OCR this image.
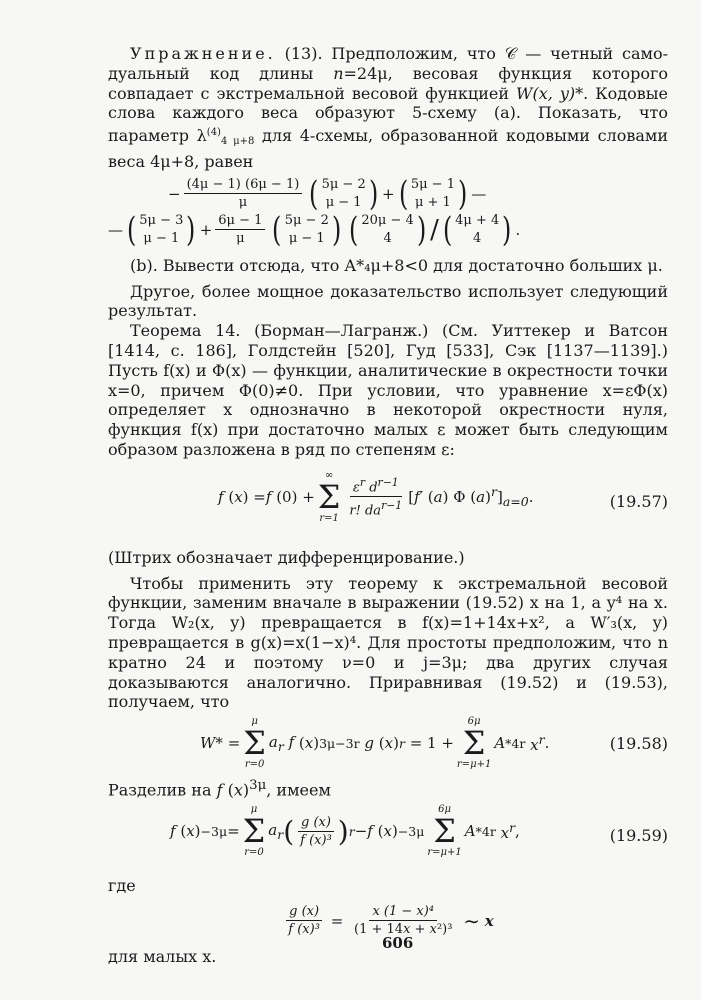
Упражнение. (13). Предположим, что 𝒞 — четный само-дуальный код длины n=24μ, весовая функция которого совпадает с экстремальной весовой функцией W(x, y)*. Кодовые слова каждого веса образуют 5-схему (a). Показать, что параметр $\lambda^{(4)}_{4 \mu+8}$ для 4-схемы, образованной кодовыми словами веса 4μ+8, равен

− $\frac{(4\mu - 1) (6\mu - 1)}{\mu}$ ( 5μ − 2
μ − 1 ) + ( 5μ − 1
μ + 1 ) —
— ( 5μ − 3
μ − 1 ) + $\frac{6\mu - 1}{\mu}$ ( 5μ − 2
μ − 1 ) ( 20μ − 4
4 ) / ( 4μ + 4
4 ) .

(b). Вывести отсюда, что A*₄μ+8<0 для достаточно больших μ.

Другое, более мощное доказательство использует следующий результат.

Теорема 14. (Борман—Лагранж.) (См. Уиттекер и Ватсон [1414, с. 186], Голдстейн [520], Гуд [533], Сэк [1137—1139].) Пусть f(x) и Φ(x) — функции, аналитические в окрестности точки x=0, причем Φ(0)≠0. При условии, что уравнение x=εΦ(x) определяет x однозначно в некоторой окрестности нуля, функция f(x) при достаточно малых ε может быть следующим образом разложена в ряд по степеням ε:

f ( x ) = f (0) +
∞
Σ
$r=1 \frac{\varepsilon^r d^{r-1}}{r! da^{r-1}} [f'$ (a) Φ $(a)^r]_{a=0}$.	(19.57)

(Штрих обозначает дифференцирование.)

Чтобы применить эту теорему к экстремальной весовой функции, заменим вначале в выражении (19.52) x на 1, а y⁴ на x. Тогда W₂(x, y) превращается в f(x)=1+14x+x², а W′₃(x, y) превращается в g(x)=x(1−x)⁴. Для простоты предположим, что n кратно 24 и поэтому ν=0 и j=3μ; два других случая доказываются аналогично. Приравнивая (19.52) и (19.53), получаем, что

W * =
μ
Σ
r=0
$a_r$ f ( x ) 3μ−3r
g ( x ) r = 1 +
6μ
Σ
r=μ+1
A * 4r
$x^r$ .	(19.58)

Разделив на f $(x)^{3\mu}$, имеем

f ( x ) −3μ =
μ
Σ
r=0
$a_r$ ( $\frac{g (x)}{\text{f (x)³}}$ ) r − f ( x ) −3μ
6μ
Σ
r=μ+1
A * 4r
$x^r$ ,	(19.59)

где

$\frac{g (x)}{\text{f (x)³}} = \frac{\text{x (1 − x)⁴}}{\text{(1 + 14x + x²)³}}$
∼
x

для малых x.

606
